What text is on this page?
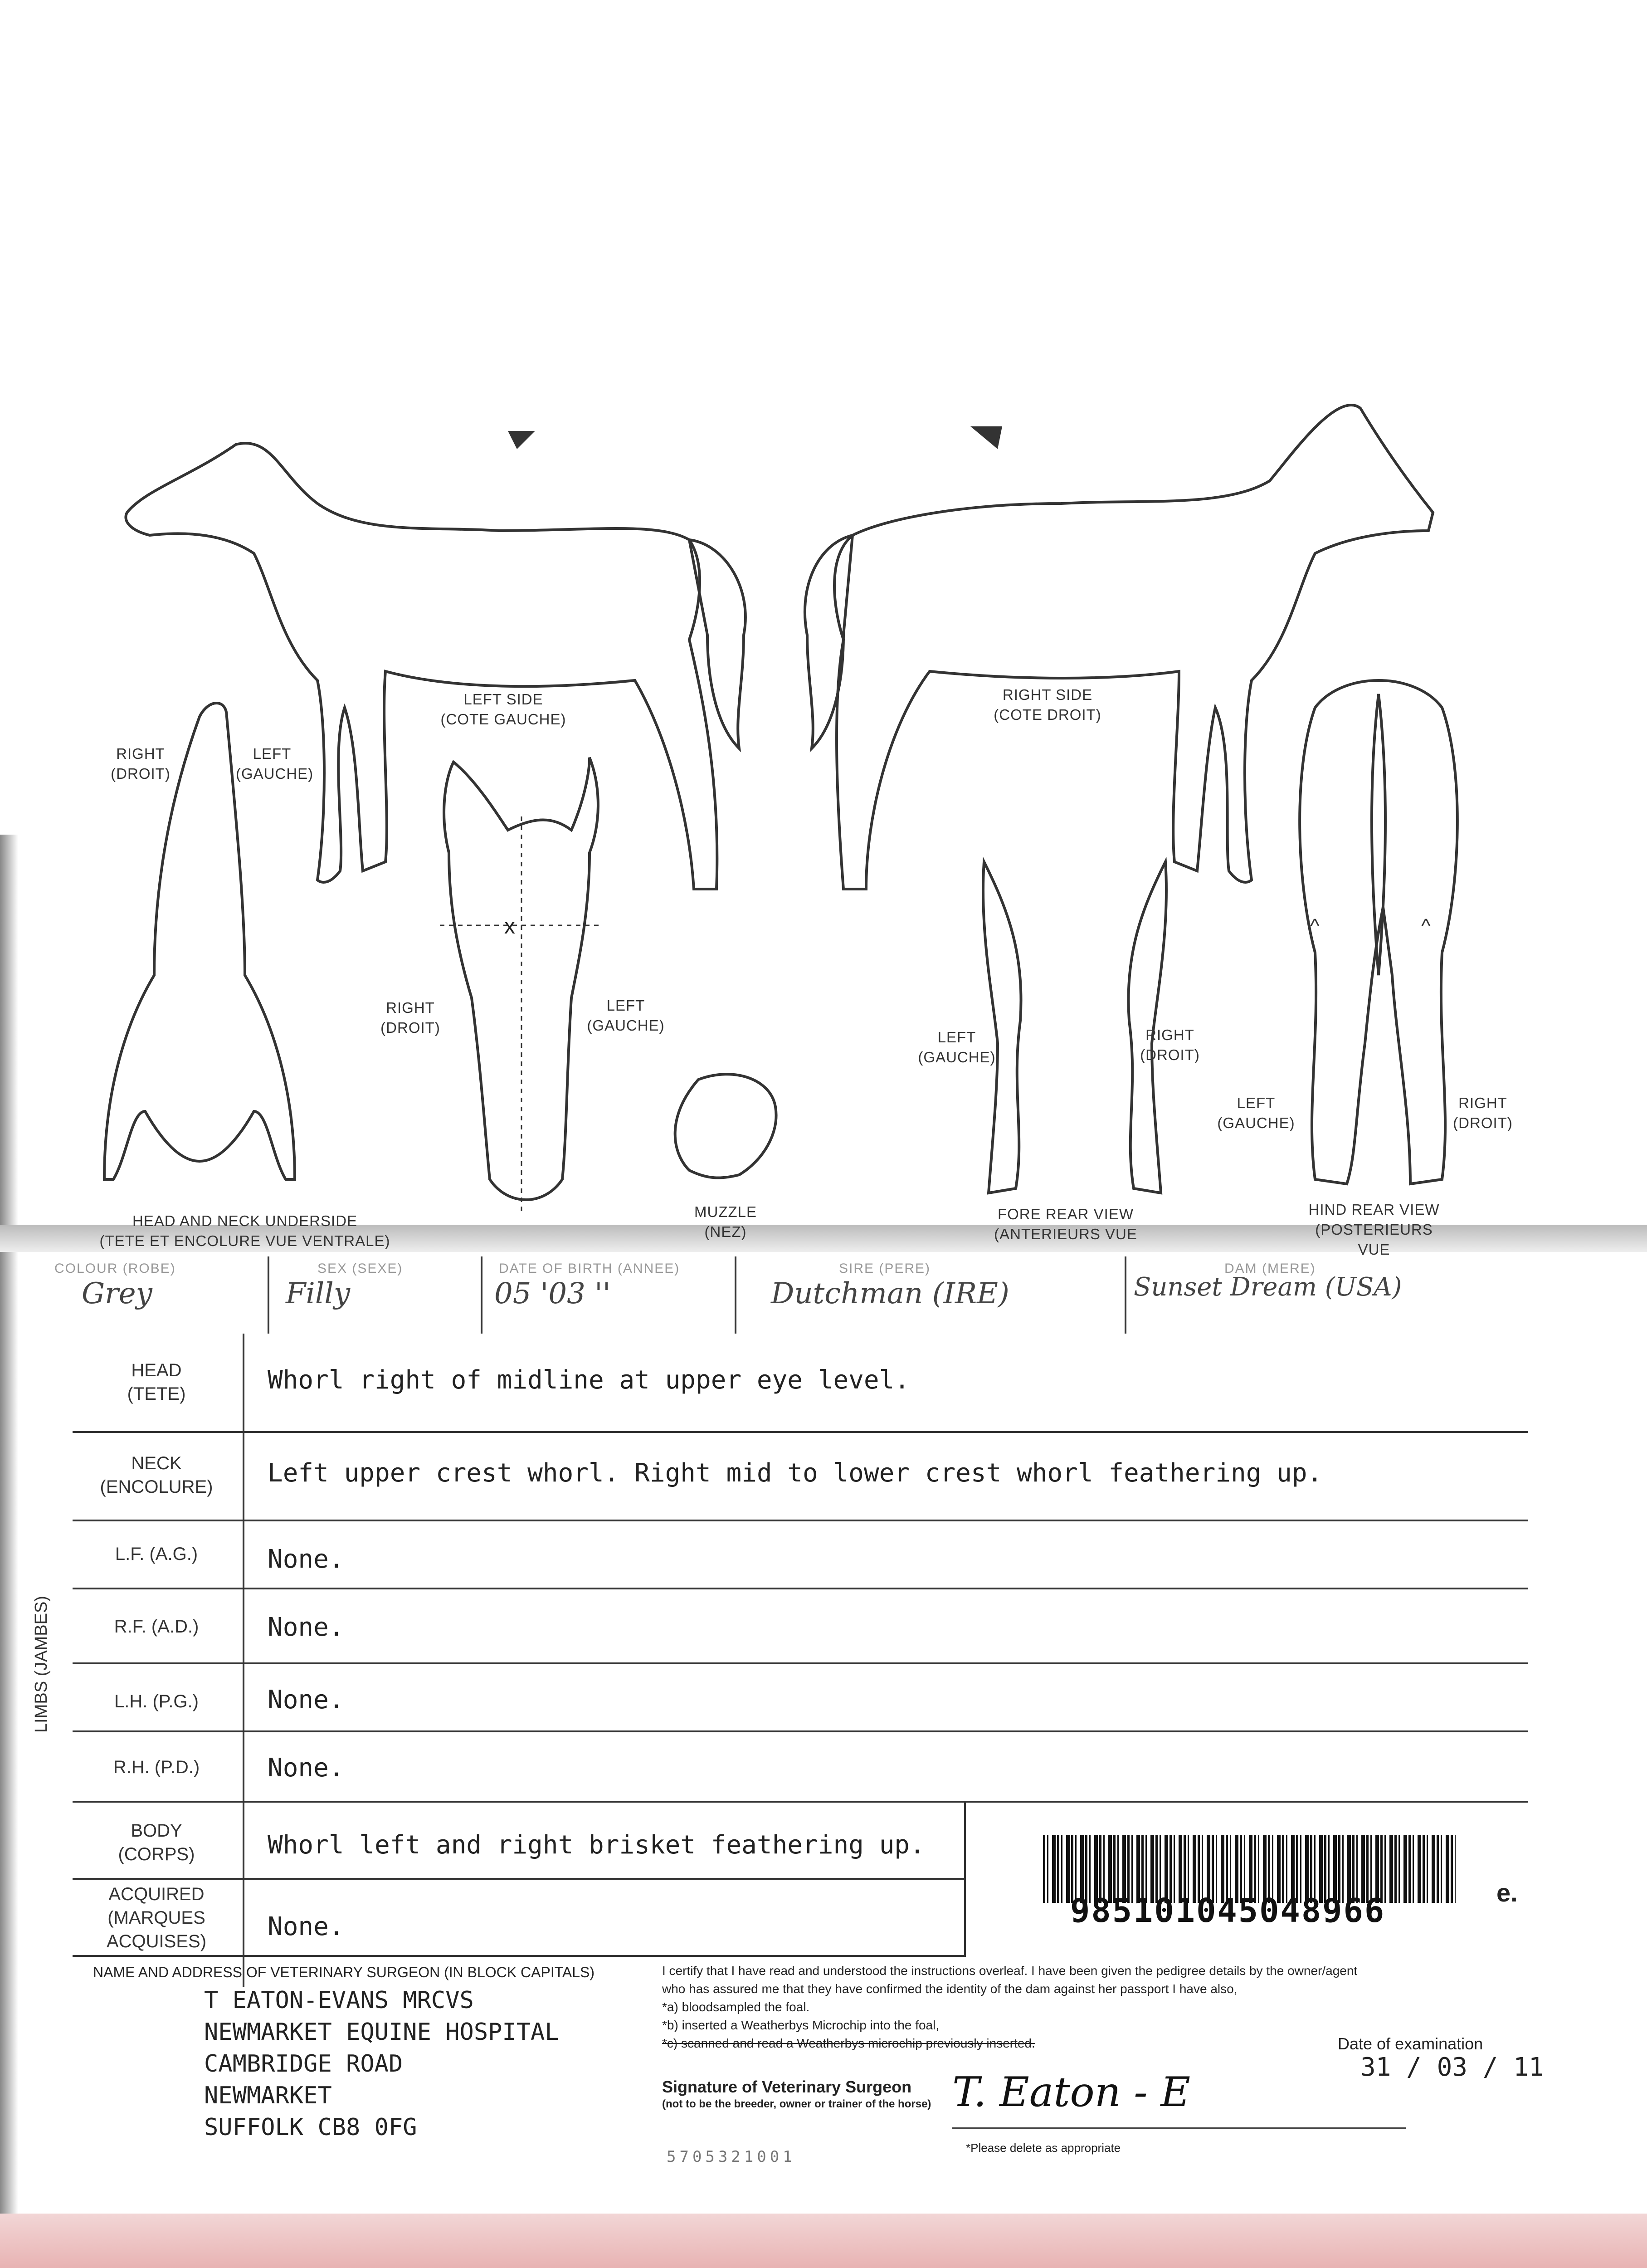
x
RIGHT
(DROIT)
LEFT
(GAUCHE)
LEFT SIDE
(COTE GAUCHE)
RIGHT SIDE
(COTE DROIT)
RIGHT
(DROIT)
LEFT
(GAUCHE)
LEFT
(GAUCHE)
RIGHT
(DROIT)
LEFT
(GAUCHE)
RIGHT
(DROIT)
HEAD AND NECK UNDERSIDE
(TETE ET ENCOLURE VUE VENTRALE)
MUZZLE
(NEZ)
FORE REAR VIEW
(ANTERIEURS VUE
HIND REAR VIEW
(POSTERIEURS VUE
^	^
COLOUR (ROBE)	SEX (SEXE)	DATE OF BIRTH (ANNEE)	SIRE (PERE)	DAM (MERE)
Grey	Filly	05 '03 ''	Dutchman (IRE)	Sunset Dream (USA)
HEAD
(TETE)	Whorl right of midline at upper eye level.
NECK
(ENCOLURE)	Left upper crest whorl. Right mid to lower crest whorl feathering up.
L.F. (A.G.)	None.
R.F. (A.D.)	None.
L.H. (P.G.)	None.
R.H. (P.D.)	None.
BODY
(CORPS)	Whorl left and right brisket feathering up.
ACQUIRED
(MARQUES
ACQUISES)	None.
LIMBS (JAMBES)
985101045048966	e.
NAME AND ADDRESS OF VETERINARY SURGEON (IN BLOCK CAPITALS)
T EATON-EVANS MRCVS
NEWMARKET EQUINE HOSPITAL
CAMBRIDGE ROAD
NEWMARKET
SUFFOLK CB8 0FG
I certify that I have read and understood the instructions overleaf. I have been given the pedigree details by the owner/agent
who has assured me that they have confirmed the identity of the dam against her passport I have also,
*a) bloodsampled the foal.
*b) inserted a Weatherbys Microchip into the foal,
*c) scanned and read a Weatherbys microchip previously inserted.
Signature of Veterinary Surgeon
(not to be the breeder, owner or trainer of the horse) T. Eaton - E
*Please delete as appropriate
Date of examination
31 / 03 / 11
5705321001
